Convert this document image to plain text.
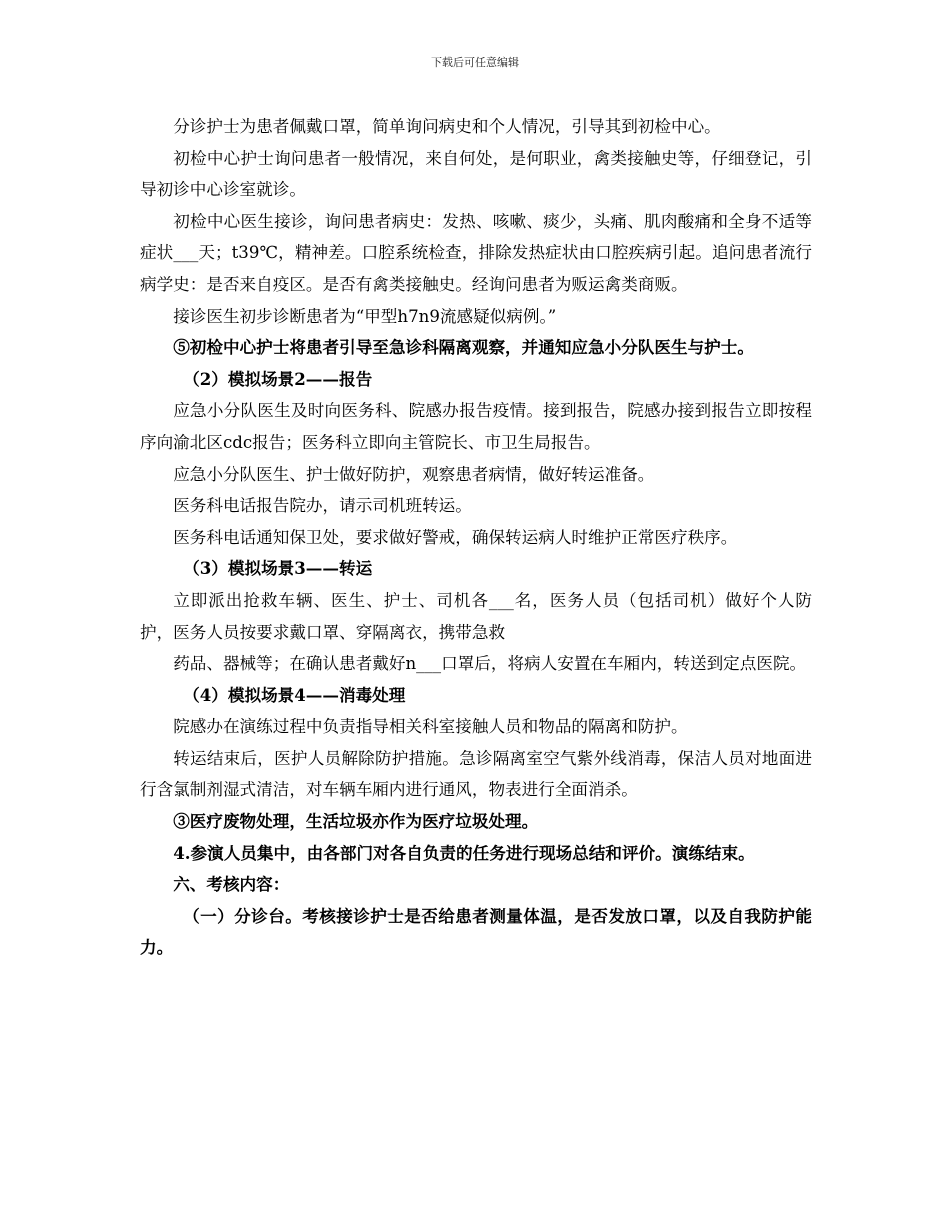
下载后可任意编辑

分诊护士为患者佩戴口罩，简单询问病史和个人情况，引导其到初检中心。

初检中心护士询问患者一般情况，来自何处，是何职业，禽类接触史等，仔细登记，引导初诊中心诊室就诊。

初检中心医生接诊，询问患者病史：发热、咳嗽、痰少，头痛、肌肉酸痛和全身不适等症状___天；t39℃，精神差。口腔系统检查，排除发热症状由口腔疾病引起。追问患者流行病学史：是否来自疫区。是否有禽类接触史。经询问患者为贩运禽类商贩。

接诊医生初步诊断患者为“甲型h7n9流感疑似病例。”

⑤初检中心护士将患者引导至急诊科隔离观察，并通知应急小分队医生与护士。

（2）模拟场景2——报告

应急小分队医生及时向医务科、院感办报告疫情。接到报告，院感办接到报告立即按程序向渝北区cdc报告；医务科立即向主管院长、市卫生局报告。

应急小分队医生、护士做好防护，观察患者病情，做好转运准备。

医务科电话报告院办，请示司机班转运。

医务科电话通知保卫处，要求做好警戒，确保转运病人时维护正常医疗秩序。

（3）模拟场景3——转运

立即派出抢救车辆、医生、护士、司机各___名，医务人员（包括司机）做好个人防护，医务人员按要求戴口罩、穿隔离衣，携带急救

药品、器械等；在确认患者戴好n___口罩后，将病人安置在车厢内，转送到定点医院。

（4）模拟场景4——消毒处理

院感办在演练过程中负责指导相关科室接触人员和物品的隔离和防护。

转运结束后，医护人员解除防护措施。急诊隔离室空气紫外线消毒，保洁人员对地面进行含氯制剂湿式清洁，对车辆车厢内进行通风，物表进行全面消杀。

③医疗废物处理，生活垃圾亦作为医疗垃圾处理。

4.参演人员集中，由各部门对各自负责的任务进行现场总结和评价。演练结束。

六、考核内容：

（一）分诊台。考核接诊护士是否给患者测量体温，是否发放口罩，以及自我防护能力。
